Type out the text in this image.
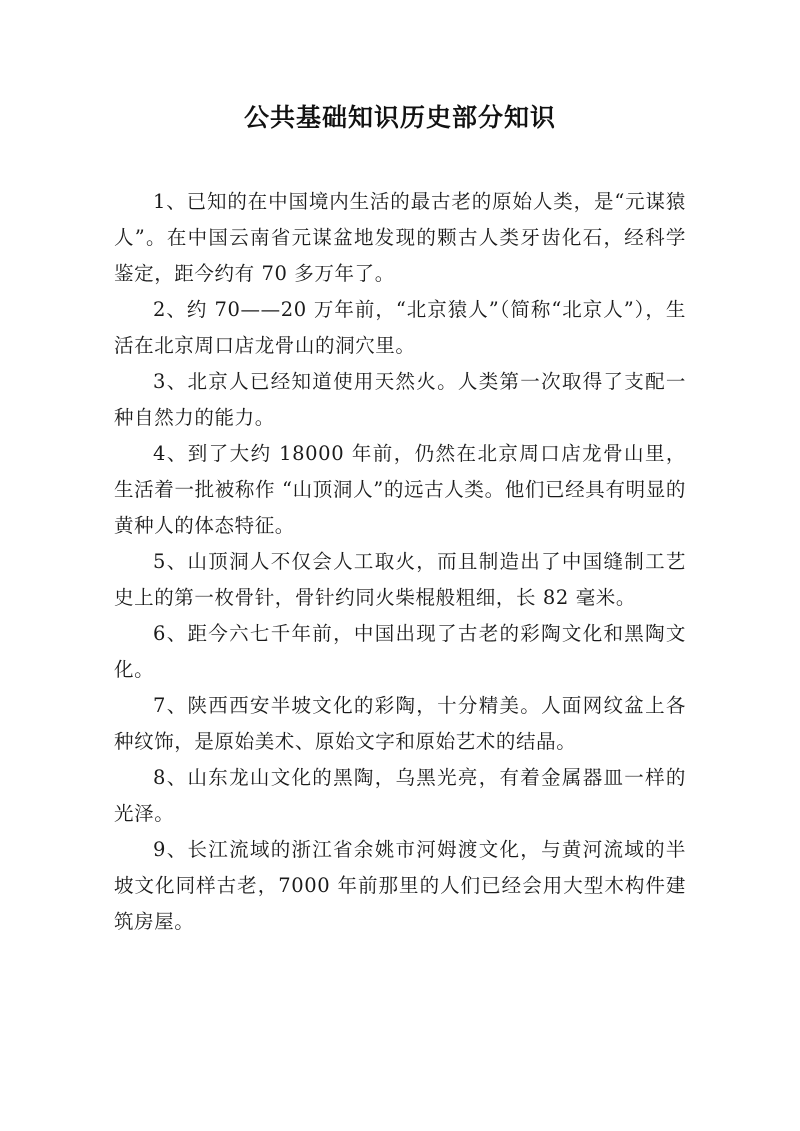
公共基础知识历史部分知识

1、已知的在中国境内生活的最古老的原始人类，是“元谋猿人”。在中国云南省元谋盆地发现的颗古人类牙齿化石，经科学鉴定，距今约有 70 多万年了。

2、约 70——20 万年前，“北京猿人”（简称“北京人”），生活在北京周口店龙骨山的洞穴里。

3、北京人已经知道使用天然火。人类第一次取得了支配一种自然力的能力。

4、到了大约 18000 年前，仍然在北京周口店龙骨山里，生活着一批被称作 “山顶洞人”的远古人类。他们已经具有明显的黄种人的体态特征。

5、山顶洞人不仅会人工取火，而且制造出了中国缝制工艺史上的第一枚骨针，骨针约同火柴棍般粗细，长 82 毫米。

6、距今六七千年前，中国出现了古老的彩陶文化和黑陶文化。

7、陕西西安半坡文化的彩陶，十分精美。人面网纹盆上各种纹饰，是原始美术、原始文字和原始艺术的结晶。

8、山东龙山文化的黑陶，乌黑光亮，有着金属器皿一样的光泽。

9、长江流域的浙江省余姚市河姆渡文化，与黄河流域的半坡文化同样古老，7000 年前那里的人们已经会用大型木构件建筑房屋。
